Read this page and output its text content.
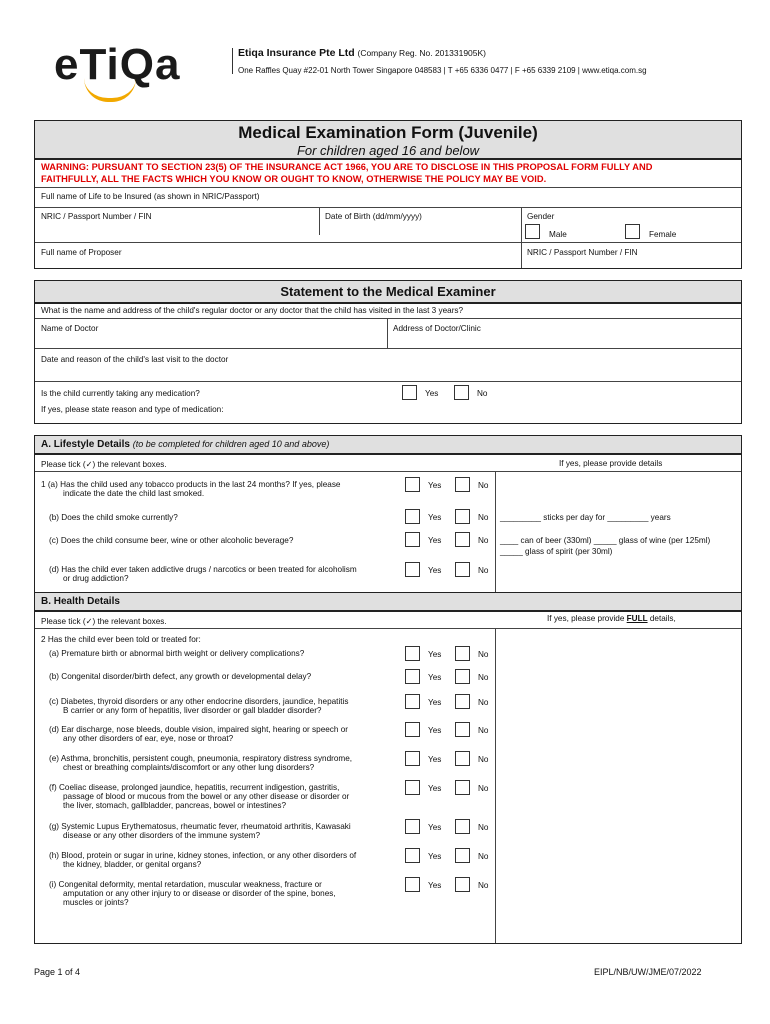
eTiQa	Etiqa Insurance Pte Ltd (Company Reg. No. 201331905K)
One Raffles Quay #22-01 North Tower Singapore 048583 | T +65 6336 0477 | F +65 6339 2109 | www.etiqa.com.sg
Medical Examination Form (Juvenile)
For children aged 16 and below
WARNING: PURSUANT TO SECTION 23(5) OF THE INSURANCE ACT 1966, YOU ARE TO DISCLOSE IN THIS PROPOSAL FORM FULLY AND
FAITHFULLY, ALL THE FACTS WHICH YOU KNOW OR OUGHT TO KNOW, OTHERWISE THE POLICY MAY BE VOID.
Full name of Life to be Insured (as shown in NRIC/Passport)
NRIC / Passport Number / FIN	Date of Birth (dd/mm/yyyy)	Gender
Male	Female
Full name of Proposer	NRIC / Passport Number / FIN
Statement to the Medical Examiner
What is the name and address of the child's regular doctor or any doctor that the child has visited in the last 3 years?
Name of Doctor	Address of Doctor/Clinic
Date and reason of the child's last visit to the doctor
Is the child currently taking any medication?	Yes	No
If yes, please state reason and type of medication:
A. Lifestyle Details (to be completed for children aged 10 and above)
Please tick (✓) the relevant boxes.	If yes, please provide details
1 (a) Has the child used any tobacco products in the last 24 months? If yes, please
indicate the date the child last smoked.
Yes	No
(b) Does the child smoke currently?	Yes	No _________ sticks per day for _________ years
(c) Does the child consume beer, wine or other alcoholic beverage?	Yes	No ____ can of beer (330ml) _____ glass of wine (per 125ml)
_____ glass of spirit (per 30ml)
(d) Has the child ever taken addictive drugs / narcotics or been treated for alcoholism
or drug addiction?
Yes	No
B. Health Details
Please tick (✓) the relevant boxes.	If yes, please provide FULL details,
2 Has the child ever been told or treated for:
(a) Premature birth or abnormal birth weight or delivery complications?	Yes	No
(b) Congenital disorder/birth defect, any growth or developmental delay?	Yes	No
(c) Diabetes, thyroid disorders or any other endocrine disorders, jaundice, hepatitis
B carrier or any form of hepatitis, liver disorder or gall bladder disorder?
Yes	No
(d) Ear discharge, nose bleeds, double vision, impaired sight, hearing or speech or
any other disorders of ear, eye, nose or throat?
Yes	No
(e) Asthma, bronchitis, persistent cough, pneumonia, respiratory distress syndrome,
chest or breathing complaints/discomfort or any other lung disorders?
Yes	No
(f) Coeliac disease, prolonged jaundice, hepatitis, recurrent indigestion, gastritis,
passage of blood or mucous from the bowel or any other disease or disorder or
the liver, stomach, gallbladder, pancreas, bowel or intestines?
Yes	No
(g) Systemic Lupus Erythematosus, rheumatic fever, rheumatoid arthritis, Kawasaki
disease or any other disorders of the immune system?
Yes	No
(h) Blood, protein or sugar in urine, kidney stones, infection, or any other disorders of
the kidney, bladder, or genital organs?
Yes	No
(i) Congenital deformity, mental retardation, muscular weakness, fracture or
amputation or any other injury to or disease or disorder of the spine, bones,
muscles or joints?
Yes	No
Page 1 of 4	EIPL/NB/UW/JME/07/2022
